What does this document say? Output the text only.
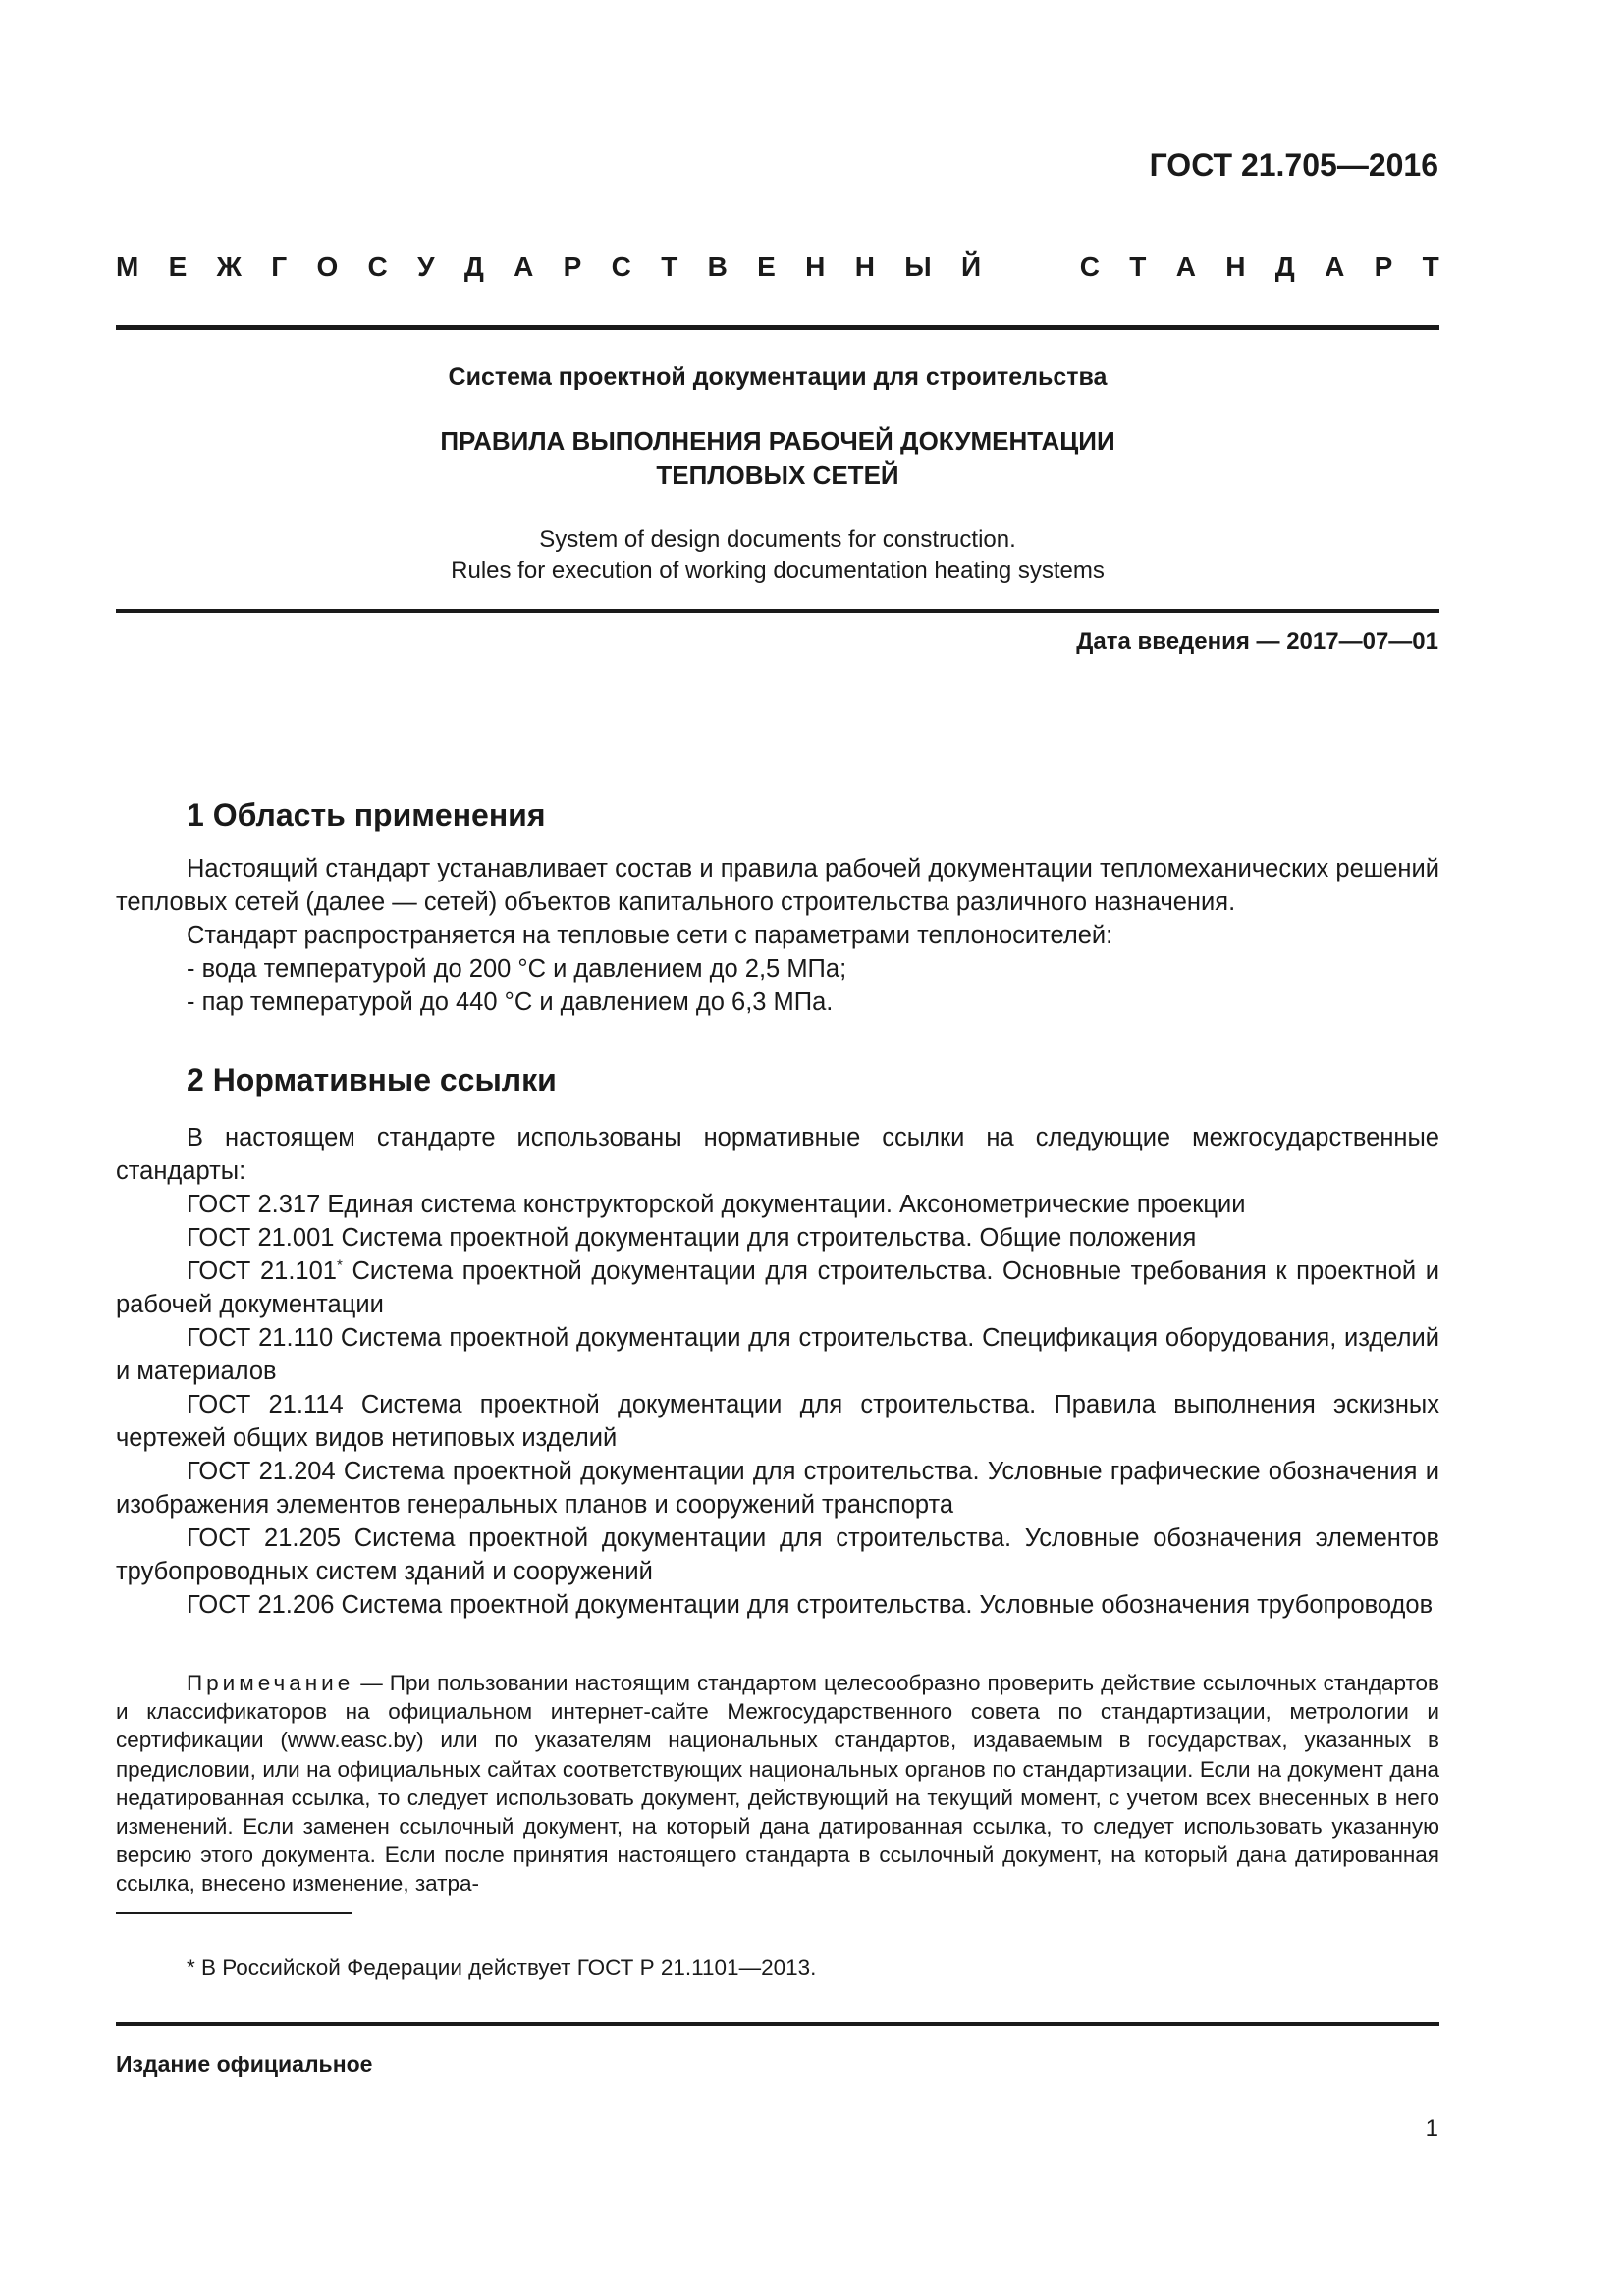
ГОСТ 21.705—2016
М Е Ж Г О С У Д А Р С Т В Е Н Н Ы Й	С Т А Н Д А Р Т
Система проектной документации для строительства
ПРАВИЛА ВЫПОЛНЕНИЯ РАБОЧЕЙ ДОКУМЕНТАЦИИ
ТЕПЛОВЫХ СЕТЕЙ
System of design documents for construction.
Rules for execution of working documentation heating systems
Дата введения — 2017—07—01
1 Область применения

Настоящий стандарт устанавливает состав и правила рабочей документации тепломеханических решений тепловых сетей (далее — сетей) объектов капитального строительства различного назначения.

Стандарт распространяется на тепловые сети с параметрами теплоносителей:

- вода температурой до 200 °C и давлением до 2,5 МПа;

- пар температурой до 440 °C и давлением до 6,3 МПа.

2 Нормативные ссылки

В настоящем стандарте использованы нормативные ссылки на следующие межгосударственные стандарты:

ГОСТ 2.317 Единая система конструкторской документации. Аксонометрические проекции

ГОСТ 21.001 Система проектной документации для строительства. Общие положения

ГОСТ 21.101* Система проектной документации для строительства. Основные требования к проектной и рабочей документации

ГОСТ 21.110 Система проектной документации для строительства. Спецификация оборудования, изделий и материалов

ГОСТ 21.114 Система проектной документации для строительства. Правила выполнения эскизных чертежей общих видов нетиповых изделий

ГОСТ 21.204 Система проектной документации для строительства. Условные графические обозначения и изображения элементов генеральных планов и сооружений транспорта

ГОСТ 21.205 Система проектной документации для строительства. Условные обозначения элементов трубопроводных систем зданий и сооружений

ГОСТ 21.206 Система проектной документации для строительства. Условные обозначения трубопроводов

Примечание — При пользовании настоящим стандартом целесообразно проверить действие ссылочных стандартов и классификаторов на официальном интернет-сайте Межгосударственного совета по стандартизации, метрологии и сертификации (www.easc.by) или по указателям национальных стандартов, издаваемым в государствах, указанных в предисловии, или на официальных сайтах соответствующих национальных органов по стандартизации. Если на документ дана недатированная ссылка, то следует использовать документ, действующий на текущий момент, с учетом всех внесенных в него изменений. Если заменен ссылочный документ, на который дана датированная ссылка, то следует использовать указанную версию этого документа. Если после принятия настоящего стандарта в ссылочный документ, на который дана датированная ссылка, внесено изменение, затра-
* В Российской Федерации действует ГОСТ Р 21.1101—2013.
Издание официальное
1
